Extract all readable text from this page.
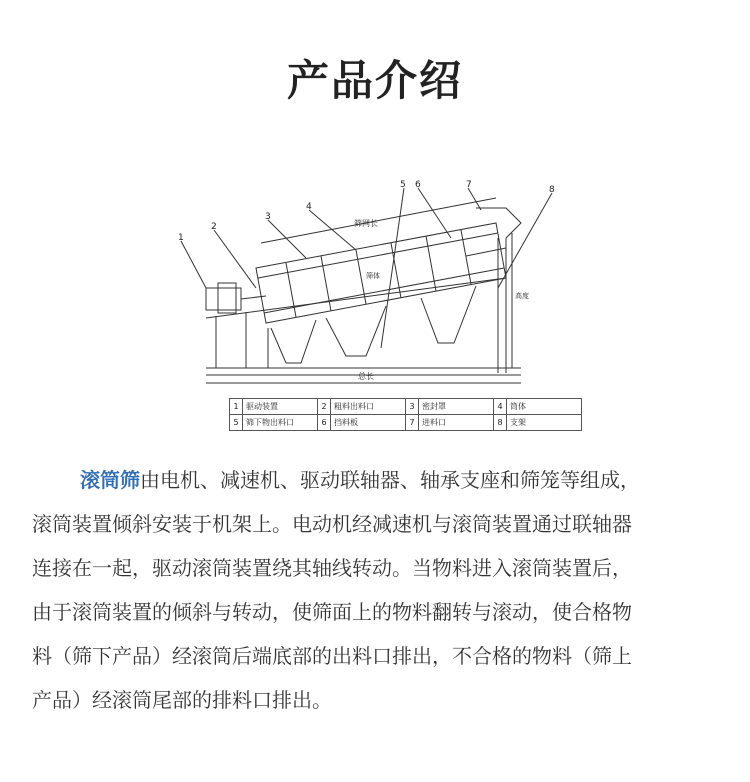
产品介绍
1
2
3
4
5 6	7	8
筛网长
总长
筛体
高度
1	驱动装置	2	粗料出料口	3	密封罩	4	筒体
5	筛下物出料口	6	挡料板	7	进料口	8	支架
滚筒筛由电机、减速机、驱动联轴器、轴承支座和筛笼等组成，
滚筒装置倾斜安装于机架上。电动机经减速机与滚筒装置通过联轴器
连接在一起，驱动滚筒装置绕其轴线转动。当物料进入滚筒装置后，
由于滚筒装置的倾斜与转动，使筛面上的物料翻转与滚动，使合格物
料（筛下产品）经滚筒后端底部的出料口排出，不合格的物料（筛上
产品）经滚筒尾部的排料口排出。
